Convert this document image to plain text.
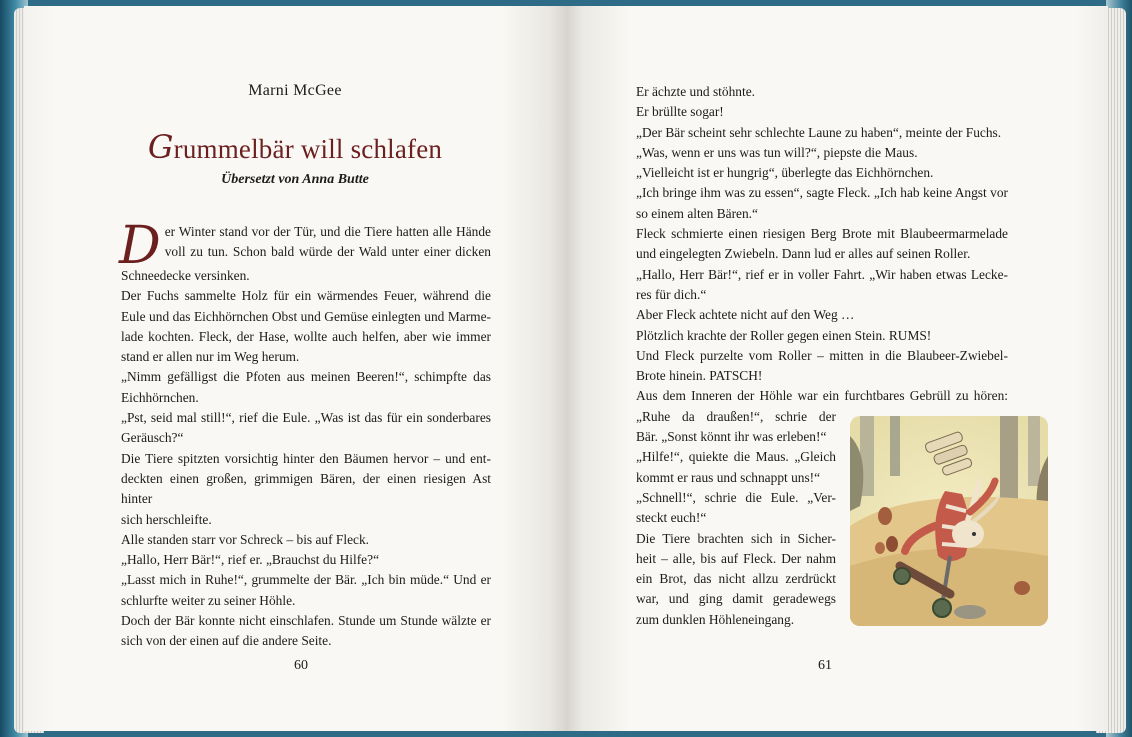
Marni McGee
Grummelbär will schlafen
Übersetzt von Anna Butte
D er Winter stand vor der Tür, und die Tiere hatten alle Hände
voll zu tun. Schon bald würde der Wald unter einer dicken
Schneedecke versinken.
Der Fuchs sammelte Holz für ein wärmendes Feuer, während die
Eule und das Eichhörnchen Obst und Gemüse einlegten und Marme-
lade kochten. Fleck, der Hase, wollte auch helfen, aber wie immer
stand er allen nur im Weg herum.
„Nimm gefälligst die Pfoten aus meinen Beeren!“, schimpfte das
Eichhörnchen.
„Pst, seid mal still!“, rief die Eule. „Was ist das für ein sonderbares
Geräusch?“
Die Tiere spitzten vorsichtig hinter den Bäumen hervor – und ent-
deckten einen großen, grimmigen Bären, der einen riesigen Ast hinter
sich herschleifte.
Alle standen starr vor Schreck – bis auf Fleck.
„Hallo, Herr Bär!“, rief er. „Brauchst du Hilfe?“
„Lasst mich in Ruhe!“, grummelte der Bär. „Ich bin müde.“ Und er
schlurfte weiter zu seiner Höhle.
Doch der Bär konnte nicht einschlafen. Stunde um Stunde wälzte er
sich von der einen auf die andere Seite.
60
Er ächzte und stöhnte.
Er brüllte sogar!
„Der Bär scheint sehr schlechte Laune zu haben“, meinte der Fuchs.
„Was, wenn er uns was tun will?“, piepste die Maus.
„Vielleicht ist er hungrig“, überlegte das Eichhörnchen.
„Ich bringe ihm was zu essen“, sagte Fleck. „Ich hab keine Angst vor
so einem alten Bären.“
Fleck schmierte einen riesigen Berg Brote mit Blaubeermarmelade
und eingelegten Zwiebeln. Dann lud er alles auf seinen Roller.
„Hallo, Herr Bär!“, rief er in voller Fahrt. „Wir haben etwas Lecke-
res für dich.“
Aber Fleck achtete nicht auf den Weg …
Plötzlich krachte der Roller gegen einen Stein. RUMS!
Und Fleck purzelte vom Roller – mitten in die Blaubeer-Zwiebel-
Brote hinein. PATSCH!
Aus dem Inneren der Höhle war ein furchtbares Gebrüll zu hören:
„Ruhe da draußen!“, schrie der
Bär. „Sonst könnt ihr was erleben!“
„Hilfe!“, quiekte die Maus. „Gleich
kommt er raus und schnappt uns!“
„Schnell!“, schrie die Eule. „Ver-
steckt euch!“
Die Tiere brachten sich in Sicher-
heit – alle, bis auf Fleck. Der nahm
ein Brot, das nicht allzu zerdrückt
war, und ging damit geradewegs
zum dunklen Höhleneingang.
61
